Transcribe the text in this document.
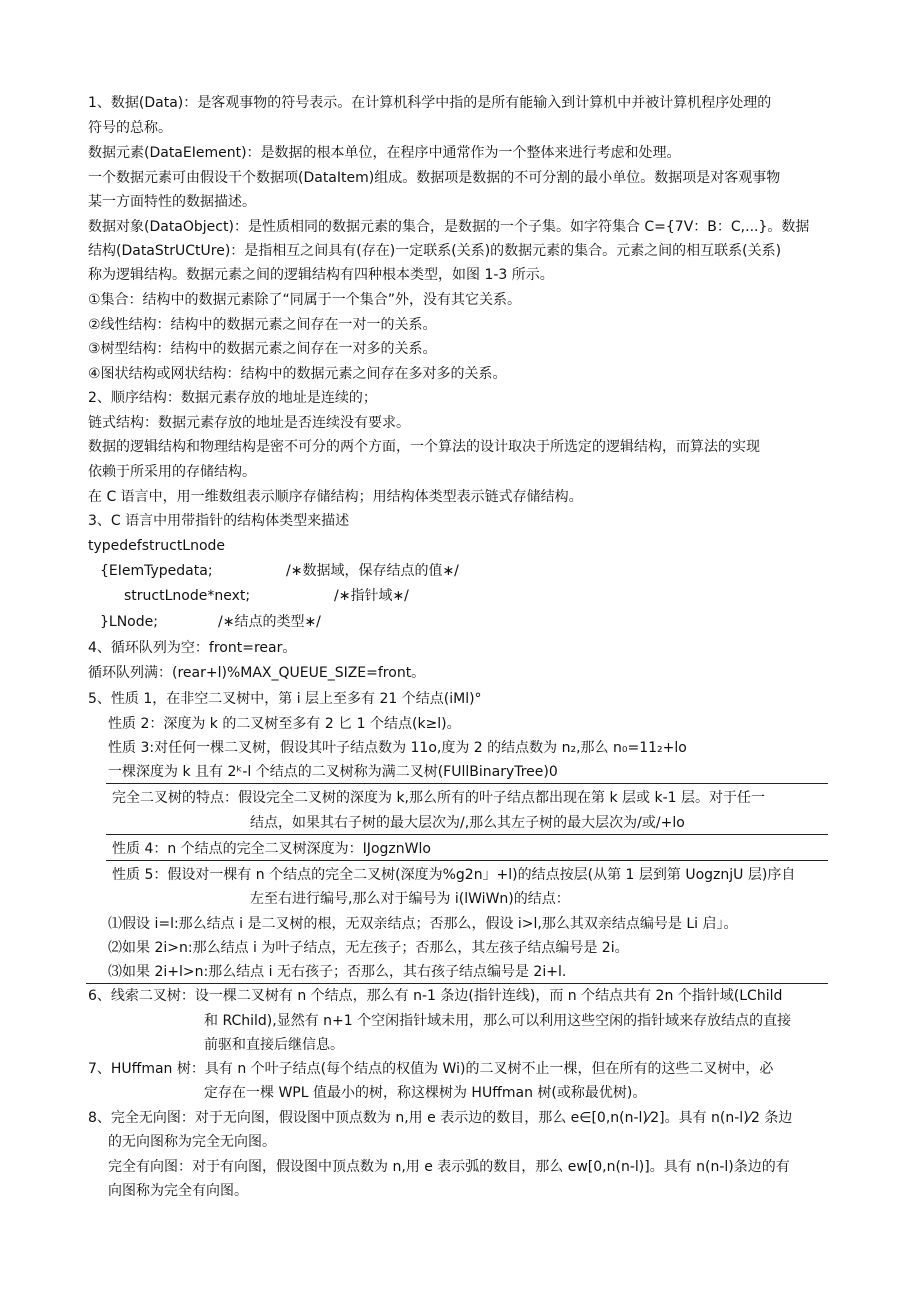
1、数据(Data)：是客观事物的符号表示。在计算机科学中指的是所有能输入到计算机中并被计算机程序处理的
符号的总称。
数据元素(DataEIement)：是数据的根本单位，在程序中通常作为一个整体来进行考虑和处理。
一个数据元素可由假设干个数据项(DataItem)组成。数据项是数据的不可分割的最小单位。数据项是对客观事物
某一方面特性的数据描述。
数据对象(DataObject)：是性质相同的数据元素的集合，是数据的一个子集。如字符集合 C={7V：B：C,...}。数据
结构(DataStrUCtUre)：是指相互之间具有(存在)一定联系(关系)的数据元素的集合。元素之间的相互联系(关系)
称为逻辑结构。数据元素之间的逻辑结构有四种根本类型，如图 1-3 所示。
①集合：结构中的数据元素除了“同属于一个集合”外，没有其它关系。
②线性结构：结构中的数据元素之间存在一对一的关系。
③树型结构：结构中的数据元素之间存在一对多的关系。
④图状结构或网状结构：结构中的数据元素之间存在多对多的关系。
2、顺序结构：数据元素存放的地址是连续的；
链式结构：数据元素存放的地址是否连续没有要求。
数据的逻辑结构和物理结构是密不可分的两个方面，一个算法的设计取决于所选定的逻辑结构，而算法的实现
依赖于所采用的存储结构。
在 C 语言中，用一维数组表示顺序存储结构；用结构体类型表示链式存储结构。
3、C 语言中用带指针的结构体类型来描述
typedefstructLnode
{EIemTypedata;	/∗数据域，保存结点的值∗/
structLnode*next;	/∗指针域∗/
}LNode;	/∗结点的类型∗/
4、循环队列为空：front=rear。
循环队列满：(rear+l)%MAX_QUEUE_SIZE=front。
5、性质 1，在非空二叉树中，第 i 层上至多有 21 个结点(iMl)°
性质 2：深度为 k 的二叉树至多有 2 匕 1 个结点(k≥l)。
性质 3:对任何一棵二叉树，假设其叶子结点数为 11o,度为 2 的结点数为 n₂,那么 n₀=11₂+lo
一棵深度为 k 且有 2ᵏ-l 个结点的二叉树称为满二叉树(FUllBinaryTree)0
完全二叉树的特点：假设完全二叉树的深度为 k,那么所有的叶子结点都出现在第 k 层或 k-1 层。对于任一
结点，如果其右子树的最大层次为/,那么其左子树的最大层次为/或/+lo
性质 4：n 个结点的完全二叉树深度为：IJogznWlo
性质 5：假设对一棵有 n 个结点的完全二叉树(深度为%g2n」+l)的结点按层(从第 1 层到第 UogznjU 层)序自
左至右进行编号,那么对于编号为 i(lWiWn)的结点：
⑴假设 i=l:那么结点 i 是二叉树的根，无双亲结点；否那么，假设 i>l,那么其双亲结点编号是 Li 启」。
⑵如果 2i>n:那么结点 i 为叶子结点，无左孩子；否那么，其左孩子结点编号是 2i。
⑶如果 2i+l>n:那么结点 i 无右孩子；否那么，其右孩子结点编号是 2i+l.
6、线索二叉树：设一棵二叉树有 n 个结点，那么有 n-1 条边(指针连线)，而 n 个结点共有 2n 个指针域(LChild
和 RChild),显然有 n+1 个空闲指针域未用，那么可以利用这些空闲的指针域来存放结点的直接
前驱和直接后继信息。
7、HUffman 树：具有 n 个叶子结点(每个结点的权值为 Wi)的二叉树不止一棵，但在所有的这些二叉树中，必
定存在一棵 WPL 值最小的树，称这棵树为 HUffman 树(或称最优树)。
8、完全无向图：对于无向图，假设图中顶点数为 n,用 e 表示边的数目，那么 e∈[0,n(n-l)⁄2]。具有 n(n-l)⁄2 条边
的无向图称为完全无向图。
完全有向图：对于有向图，假设图中顶点数为 n,用 e 表示弧的数目，那么 ew[0,n(n-l)]。具有 n(n-l)条边的有
向图称为完全有向图。
